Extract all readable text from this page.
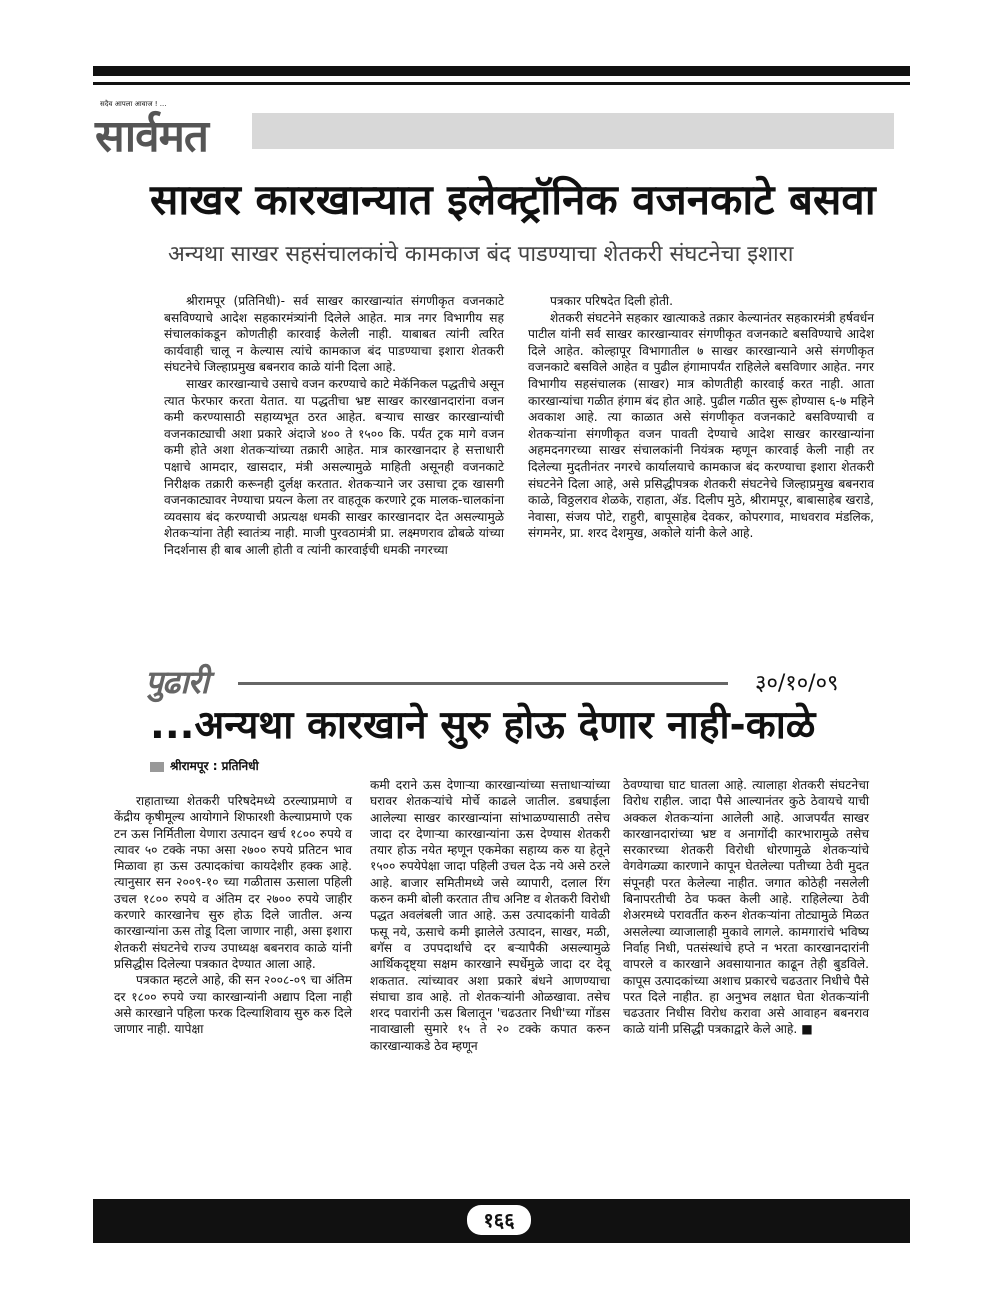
सदैव आपला आवाज ! ...
सार्वमत
साखर कारखान्यात इलेक्ट्रॉनिक वजनकाटे बसवा
अन्यथा साखर सहसंचालकांचे कामकाज बंद पाडण्याचा शेतकरी संघटनेचा इशारा

श्रीरामपूर (प्रतिनिधी)- सर्व साखर कारखान्यांत संगणीकृत वजनकाटे बसविण्याचे आदेश सहकारमंत्र्यांनी दिलेले आहेत. मात्र नगर विभागीय सह संचालकांकडून कोणतीही कारवाई केलेली नाही. याबाबत त्यांनी त्वरित कार्यवाही चालू न केल्यास त्यांचे कामकाज बंद पाडण्याचा इशारा शेतकरी संघटनेचे जिल्हाप्रमुख बबनराव काळे यांनी दिला आहे.

साखर कारखान्याचे उसाचे वजन करण्याचे काटे मेकॅनिकल पद्धतीचे असून त्यात फेरफार करता येतात. या पद्धतीचा भ्रष्ट साखर कारखानदारांना वजन कमी करण्यासाठी सहाय्यभूत ठरत आहेत. बऱ्याच साखर कारखान्यांची वजनकाट्याची अशा प्रकारे अंदाजे ४०० ते १५०० कि. पर्यंत ट्रक मागे वजन कमी होते अशा शेतकऱ्यांच्या तक्रारी आहेत. मात्र कारखानदार हे सत्ताधारी पक्षाचे आमदार, खासदार, मंत्री असल्यामुळे माहिती असूनही वजनकाटे निरीक्षक तक्रारी करूनही दुर्लक्ष करतात. शेतकऱ्याने जर उसाचा ट्रक खासगी वजनकाट्यावर नेण्याचा प्रयत्न केला तर वाहतूक करणारे ट्रक मालक-चालकांना व्यवसाय बंद करण्याची अप्रत्यक्ष धमकी साखर कारखानदार देत असल्यामुळे शेतकऱ्यांना तेही स्वातंत्र्य नाही. माजी पुरवठामंत्री प्रा. लक्ष्मणराव ढोबळे यांच्या निदर्शनास ही बाब आली होती व त्यांनी कारवाईची धमकी नगरच्या

पत्रकार परिषदेत दिली होती.

शेतकरी संघटनेने सहकार खात्याकडे तक्रार केल्यानंतर सहकारमंत्री हर्षवर्धन पाटील यांनी सर्व साखर कारखान्यावर संगणीकृत वजनकाटे बसविण्याचे आदेश दिले आहेत. कोल्हापूर विभागातील ७ साखर कारखान्याने असे संगणीकृत वजनकाटे बसविले आहेत व पुढील हंगामापर्यंत राहिलेले बसविणार आहेत. नगर विभागीय सहसंचालक (साखर) मात्र कोणतीही कारवाई करत नाही. आता कारखान्यांचा गळीत हंगाम बंद होत आहे. पुढील गळीत सुरू होण्यास ६-७ महिने अवकाश आहे. त्या काळात असे संगणीकृत वजनकाटे बसविण्याची व शेतकऱ्यांना संगणीकृत वजन पावती देण्याचे आदेश साखर कारखान्यांना अहमदनगरच्या साखर संचालकांनी नियंत्रक म्हणून कारवाई केली नाही तर दिलेल्या मुदतीनंतर नगरचे कार्यालयाचे कामकाज बंद करण्याचा इशारा शेतकरी संघटनेने दिला आहे, असे प्रसिद्धीपत्रक शेतकरी संघटनेचे जिल्हाप्रमुख बबनराव काळे, विठ्ठलराव शेळके, राहाता, ॲड. दिलीप मुठे, श्रीरामपूर, बाबासाहेब खराडे, नेवासा, संजय पोटे, राहुरी, बापूसाहेब देवकर, कोपरगाव, माधवराव मंडलिक, संगमनेर, प्रा. शरद देशमुख, अकोले यांनी केले आहे.

पुढारी	३०/१०/०९
...अन्यथा कारखाने सुरु होऊ देणार नाही-काळे
श्रीरामपूर : प्रतिनिधी

राहाताच्या शेतकरी परिषदेमध्ये ठरल्याप्रमाणे व केंद्रीय कृषीमूल्य आयोगाने शिफारशी केल्याप्रमाणे एक टन ऊस निर्मितीला येणारा उत्पादन खर्च १८०० रुपये व त्यावर ५० टक्के नफा असा २७०० रुपये प्रतिटन भाव मिळावा हा ऊस उत्पादकांचा कायदेशीर हक्क आहे. त्यानुसार सन २००९-१० च्या गळीतास ऊसाला पहिली उचल १८०० रुपये व अंतिम दर २७०० रुपये जाहीर करणारे कारखानेच सुरु होऊ दिले जातील. अन्य कारखान्यांना ऊस तोडू दिला जाणार नाही, असा इशारा शेतकरी संघटनेचे राज्य उपाध्यक्ष बबनराव काळे यांनी प्रसिद्धीस दिलेल्या पत्रकात देण्यात आला आहे.

पत्रकात म्हटले आहे, की सन २००८-०९ चा अंतिम दर १८०० रुपये ज्या कारखान्यांनी अद्याप दिला नाही असे कारखाने पहिला फरक दिल्याशिवाय सुरु करु दिले जाणार नाही. यापेक्षा

कमी दराने ऊस देणाऱ्या कारखान्यांच्या सत्ताधाऱ्यांच्या घरावर शेतकऱ्यांचे मोर्चे काढले जातील. डबघाईला आलेल्या साखर कारखान्यांना सांभाळण्यासाठी तसेच जादा दर देणाऱ्या कारखान्यांना ऊस देण्यास शेतकरी तयार होऊ नयेत म्हणून एकमेका सहाय्य करु या हेतूने १५०० रुपयेपेक्षा जादा पहिली उचल देऊ नये असे ठरले आहे. बाजार समितीमध्ये जसे व्यापारी, दलाल रिंग करुन कमी बोली करतात तीच अनिष्ट व शेतकरी विरोधी पद्धत अवलंबली जात आहे. ऊस उत्पादकांनी यावेळी फसू नये, ऊसाचे कमी झालेले उत्पादन, साखर, मळी, बगॅस व उपपदार्थांचे दर बऱ्यापैकी असल्यामुळे आर्थिकदृष्ट्या सक्षम कारखाने स्पर्धेमुळे जादा दर देवू शकतात. त्यांच्यावर अशा प्रकारे बंधने आणण्याचा संघाचा डाव आहे. तो शेतकऱ्यांनी ओळखावा. तसेच शरद पवारांनी ऊस बिलातून 'चढउतार निधी'च्या गोंडस नावाखाली सुमारे १५ ते २० टक्के कपात करुन कारखान्याकडे ठेव म्हणून

ठेवण्याचा घाट घातला आहे. त्यालाहा शेतकरी संघटनेचा विरोध राहील. जादा पैसे आल्यानंतर कुठे ठेवायचे याची अक्कल शेतकऱ्यांना आलेली आहे. आजपर्यंत साखर कारखानदारांच्या भ्रष्ट व अनागोंदी कारभारामुळे तसेच सरकारच्या शेतकरी विरोधी धोरणामुळे शेतकऱ्यांचे वेगवेगळ्या कारणाने कापून घेतलेल्या पतीच्या ठेवी मुदत संपूनही परत केलेल्या नाहीत. जगात कोठेही नसलेली बिनापरतीची ठेव फक्त केली आहे. राहिलेल्या ठेवी शेअरमध्ये परावर्तीत करुन शेतकऱ्यांना तोट्यामुळे मिळत असलेल्या व्याजालाही मुकावे लागले. कामगारांचे भविष्य निर्वाह निधी, पतसंस्थांचे हप्ते न भरता कारखानदारांनी वापरले व कारखाने अवसायानात काढून तेही बुडविले. कापूस उत्पादकांच्या अशाच प्रकारचे चढउतार निधीचे पैसे परत दिले नाहीत. हा अनुभव लक्षात घेता शेतकऱ्यांनी चढउतार निधीस विरोध करावा असे आवाहन बबनराव काळे यांनी प्रसिद्धी पत्रकाद्वारे केले आहे. ■

१६६
